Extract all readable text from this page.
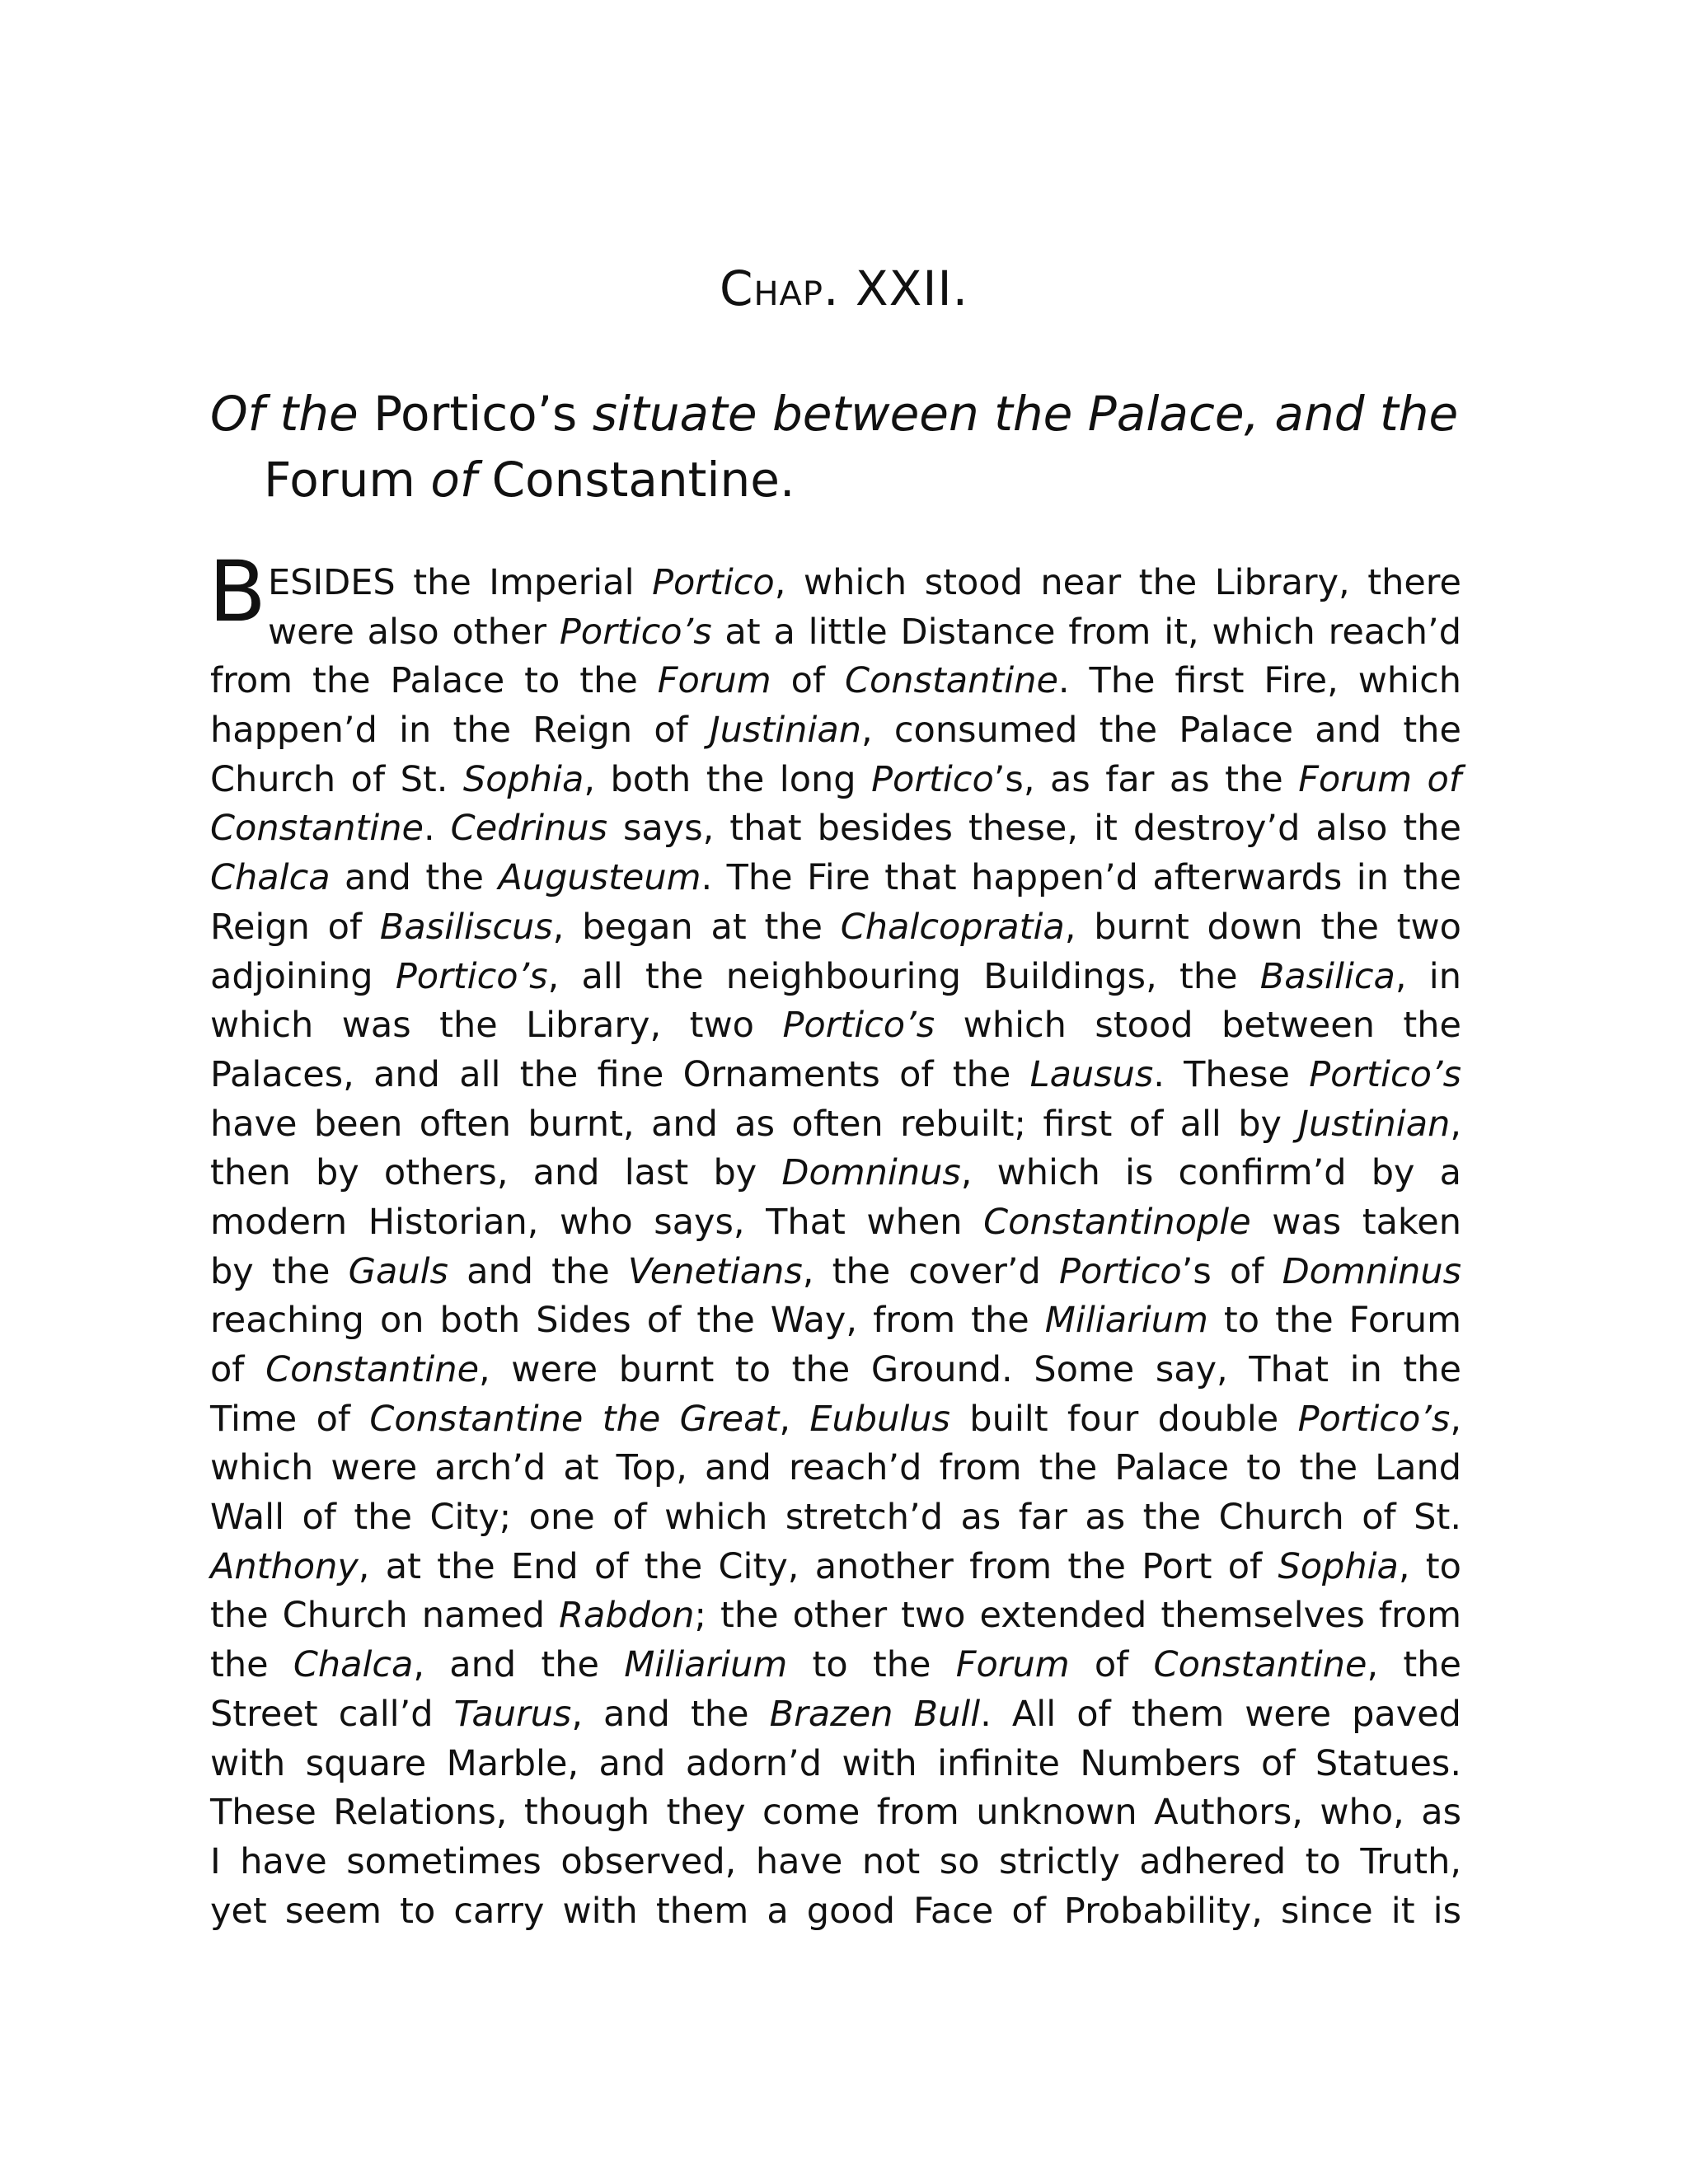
CHAP. XXII.
Of the Portico’s situate between the Palace, and the
Forum of Constantine.
B ESIDES the Imperial Portico, which stood near the Library, there
were also other Portico’s at a little Distance from it, which reach’d
from the Palace to the Forum of Constantine. The first Fire, which
happen’d in the Reign of Justinian, consumed the Palace and the
Church of St. Sophia, both the long Portico’s, as far as the Forum of
Constantine. Cedrinus says, that besides these, it destroy’d also the
Chalca and the Augusteum. The Fire that happen’d afterwards in the
Reign of Basiliscus, began at the Chalcopratia, burnt down the two
adjoining Portico’s, all the neighbouring Buildings, the Basilica, in
which was the Library, two Portico’s which stood between the
Palaces, and all the fine Ornaments of the Lausus. These Portico’s
have been often burnt, and as often rebuilt; first of all by Justinian,
then by others, and last by Domninus, which is confirm’d by a
modern Historian, who says, That when Constantinople was taken
by the Gauls and the Venetians, the cover’d Portico’s of Domninus
reaching on both Sides of the Way, from the Miliarium to the Forum
of Constantine, were burnt to the Ground. Some say, That in the
Time of Constantine the Great, Eubulus built four double Portico’s,
which were arch’d at Top, and reach’d from the Palace to the Land
Wall of the City; one of which stretch’d as far as the Church of St.
Anthony, at the End of the City, another from the Port of Sophia, to
the Church named Rabdon; the other two extended themselves from
the Chalca, and the Miliarium to the Forum of Constantine, the
Street call’d Taurus, and the Brazen Bull. All of them were paved
with square Marble, and adorn’d with infinite Numbers of Statues.
These Relations, though they come from unknown Authors, who, as
I have sometimes observed, have not so strictly adhered to Truth,
yet seem to carry with them a good Face of Probability, since it is
